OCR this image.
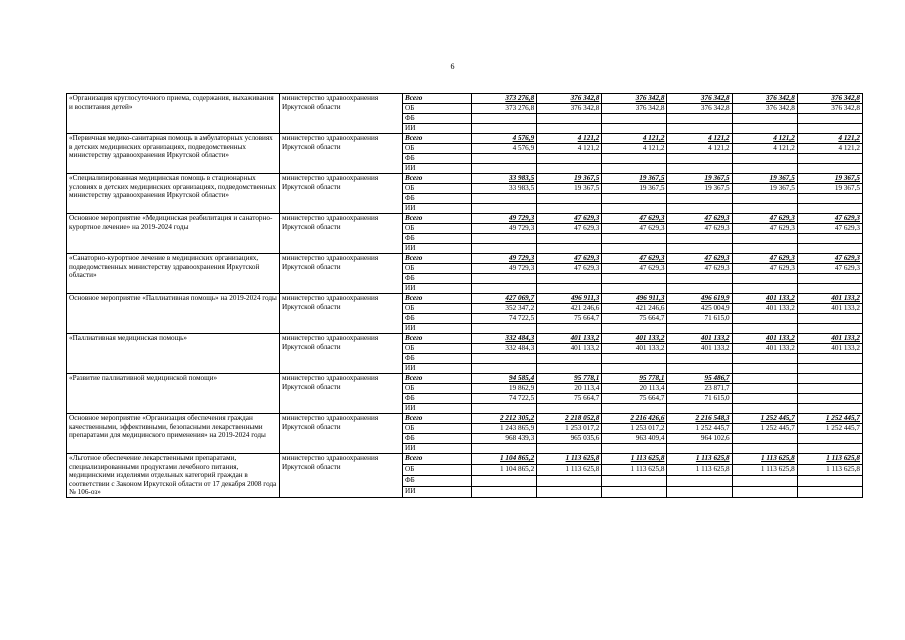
6
«Организация круглосуточного приема, содержания, выхаживания и воспитания детей»	министерство здравоохранения Иркутской области	Всего	373 276,8	376 342,8	376 342,8	376 342,8	376 342,8	376 342,8
		ОБ	373 276,8	376 342,8	376 342,8	376 342,8	376 342,8	376 342,8
		ФБ						
		ИИ						
«Первичная медико-санитарная помощь в амбулаторных условиях в детских медицинских организациях, подведомственных министерству здравоохранения Иркутской области»	министерство здравоохранения Иркутской области	Всего	4 576,9	4 121,2	4 121,2	4 121,2	4 121,2	4 121,2
		ОБ	4 576,9	4 121,2	4 121,2	4 121,2	4 121,2	4 121,2
		ФБ						
		ИИ						
«Специализированная медицинская помощь в стационарных условиях в детских медицинских организациях, подведомственных министерству здравоохранения Иркутской области»	министерство здравоохранения Иркутской области	Всего	33 983,5	19 367,5	19 367,5	19 367,5	19 367,5	19 367,5
		ОБ	33 983,5	19 367,5	19 367,5	19 367,5	19 367,5	19 367,5
		ФБ						
		ИИ						
Основное мероприятие «Медицинская реабилитация и санаторно-курортное лечение» на 2019-2024 годы	министерство здравоохранения Иркутской области	Всего	49 729,3	47 629,3	47 629,3	47 629,3	47 629,3	47 629,3
		ОБ	49 729,3	47 629,3	47 629,3	47 629,3	47 629,3	47 629,3
		ФБ						
		ИИ						
«Санаторно-курортное лечение в медицинских организациях, подведомственных министерству здравоохранения Иркутской области»	министерство здравоохранения Иркутской области	Всего	49 729,3	47 629,3	47 629,3	47 629,3	47 629,3	47 629,3
		ОБ	49 729,3	47 629,3	47 629,3	47 629,3	47 629,3	47 629,3
		ФБ						
		ИИ						
Основное мероприятие «Паллиативная помощь» на 2019-2024 годы	министерство здравоохранения Иркутской области	Всего	427 069,7	496 911,3	496 911,3	496 619,9	401 133,2	401 133,2
		ОБ	352 347,2	421 246,6	421 246,6	425 004,9	401 133,2	401 133,2
		ФБ	74 722,5	75 664,7	75 664,7	71 615,0		
		ИИ						
«Паллиативная медицинская помощь»	министерство здравоохранения Иркутской области	Всего	332 484,3	401 133,2	401 133,2	401 133,2	401 133,2	401 133,2
		ОБ	332 484,3	401 133,2	401 133,2	401 133,2	401 133,2	401 133,2
		ФБ						
		ИИ						
«Развитие паллиативной медицинской помощи»	министерство здравоохранения Иркутской области	Всего	94 585,4	95 778,1	95 778,1	95 486,7		
		ОБ	19 862,9	20 113,4	20 113,4	23 871,7		
		ФБ	74 722,5	75 664,7	75 664,7	71 615,0		
		ИИ						
Основное мероприятие «Организация обеспечения граждан качественными, эффективными, безопасными лекарственными препаратами для медицинского применения» на 2019-2024 годы	министерство здравоохранения Иркутской области	Всего	2 212 305,2	2 218 052,8	2 216 426,6	2 216 548,3	1 252 445,7	1 252 445,7
		ОБ	1 243 865,9	1 253 017,2	1 253 017,2	1 252 445,7	1 252 445,7	1 252 445,7
		ФБ	968 439,3	965 035,6	963 409,4	964 102,6		
		ИИ						
«Льготное обеспечение лекарственными препаратами, специализированными продуктами лечебного питания, медицинскими изделиями отдельных категорий граждан в соответствии с Законом Иркутской области от 17 декабря 2008 года № 106-оз»	министерство здравоохранения Иркутской области	Всего	1 104 865,2	1 113 625,8	1 113 625,8	1 113 625,8	1 113 625,8	1 113 625,8
		ОБ	1 104 865,2	1 113 625,8	1 113 625,8	1 113 625,8	1 113 625,8	1 113 625,8
		ФБ						
		ИИ						
